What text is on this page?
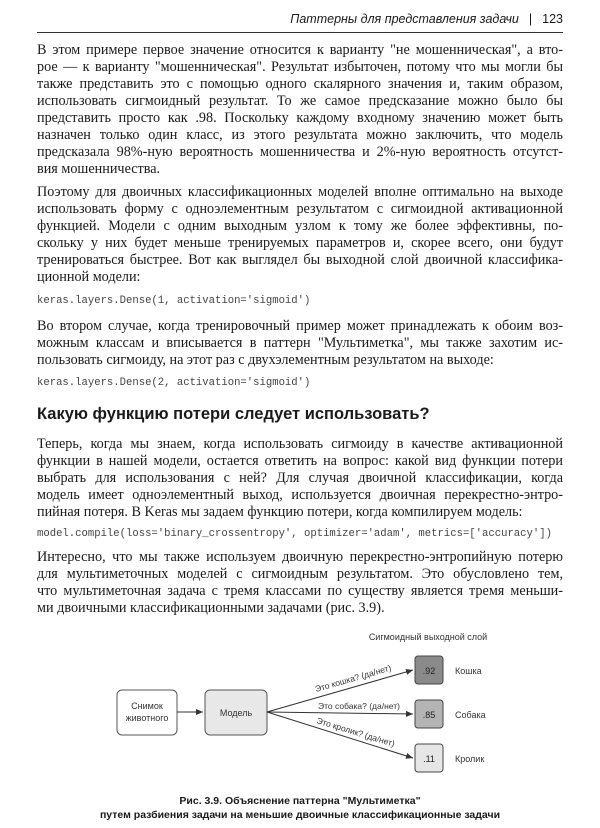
Паттерны для представления задачи | 123
В этом примере первое значение относится к варианту "не мошенническая", а вто-
рое — к варианту "мошенническая". Результат избыточен, потому что мы могли бы
также представить это с помощью одного скалярного значения и, таким образом,
использовать сигмоидный результат. То же самое предсказание можно было бы
представить просто как .98. Поскольку каждому входному значению может быть
назначен только один класс, из этого результата можно заключить, что модель
предсказала 98%-ную вероятность мошенничества и 2%-ную вероятность отсутст-
вия мошенничества.
Поэтому для двоичных классификационных моделей вполне оптимально на выходе
использовать форму с одноэлементным результатом с сигмоидной активационной
функцией. Модели с одним выходным узлом к тому же более эффективны, по-
скольку у них будет меньше тренируемых параметров и, скорее всего, они будут
тренироваться быстрее. Вот как выглядел бы выходной слой двоичной классифика-
ционной модели:
keras.layers.Dense(1, activation='sigmoid')
Во втором случае, когда тренировочный пример может принадлежать к обоим воз-
можным классам и вписывается в паттерн "Мультиметка", мы также захотим ис-
пользовать сигмоиду, на этот раз с двухэлементным результатом на выходе:
keras.layers.Dense(2, activation='sigmoid')
Какую функцию потери следует использовать?
Теперь, когда мы знаем, когда использовать сигмоиду в качестве активационной
функции в нашей модели, остается ответить на вопрос: какой вид функции потери
выбрать для использования с ней? Для случая двоичной классификации, когда
модель имеет одноэлементный выход, используется двоичная перекрестно-энтро-
пийная потеря. В Keras мы задаем функцию потери, когда компилируем модель:
model.compile(loss='binary_crossentropy', optimizer='adam', metrics=['accuracy'])
Интересно, что мы также используем двоичную перекрестно-энтропийную потерю
для мультиметочных моделей с сигмоидным результатом. Это обусловлено тем,
что мультиметочная задача с тремя классами по существу является тремя меньши-
ми двоичными классификационными задачами (рис. 3.9).
Сигмоидный выходной слой
Снимок
животного	Модель
Это кошка? (да/нет)
Это собака? (да/нет)
Это кролик? (да/нет)
.92 Кошка
.85 Собака
.11 Кролик
Рис. 3.9. Объяснение паттерна "Мультиметка"
путем разбиения задачи на меньшие двоичные классификационные задачи
